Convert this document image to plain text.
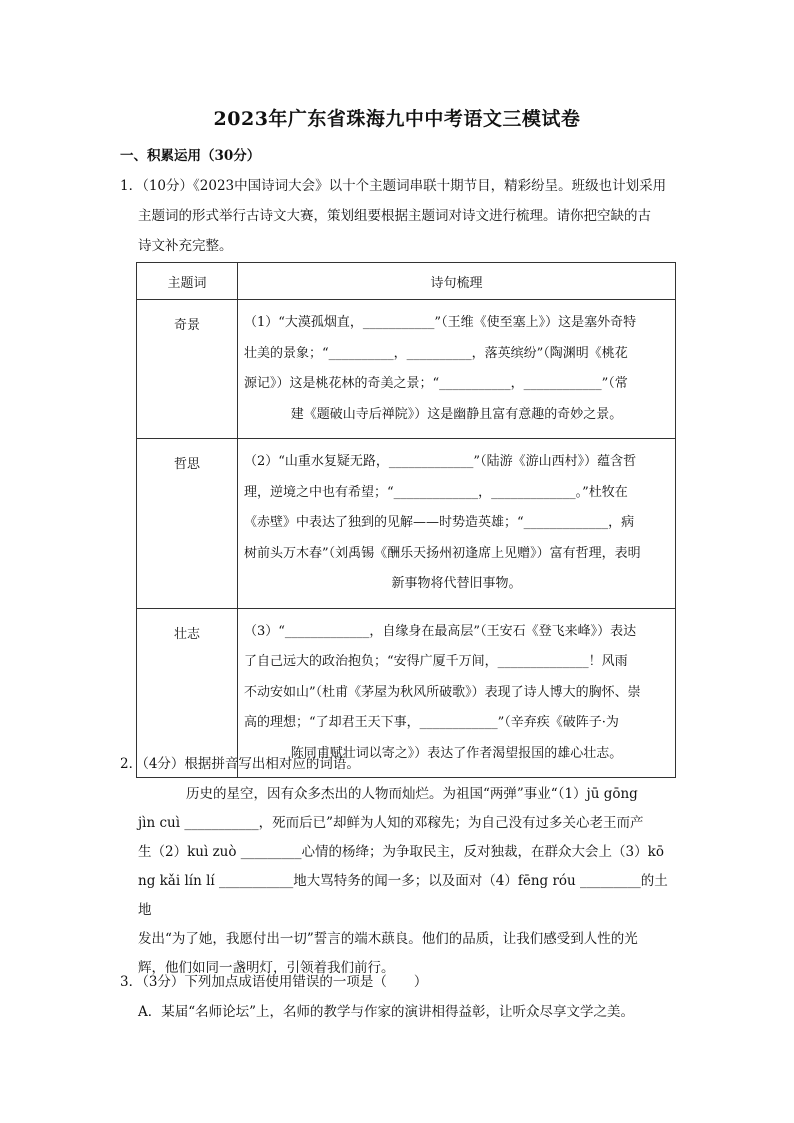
2023年广东省珠海九中中考语文三模试卷
一、积累运用（30分）
1．（10分）《2023中国诗词大会》以十个主题词串联十期节目，精彩纷呈。班级也计划采用
主题词的形式举行古诗文大赛，策划组要根据主题词对诗文进行梳理。请你把空缺的古
诗文补充完整。
主题词	诗句梳理
奇景	（1）“大漠孤烟直，___________”（王维《使至塞上》）这是塞外奇特
壮美的景象；“__________，__________，落英缤纷”（陶渊明《桃花
源记》）这是桃花林的奇美之景；“___________，____________”（常

建《题破山寺后禅院》）这是幽静且富有意趣的奇妙之景。

哲思	（2）“山重水复疑无路，_____________”（陆游《游山西村》）蕴含哲
理，逆境之中也有希望；“_____________，_____________。”杜牧在
《赤壁》中表达了独到的见解——时势造英雄；“_____________，病
树前头万木春”（刘禹锡《酬乐天扬州初逢席上见赠》）富有哲理，表明

新事物将代替旧事物。

壮志	（3）“_____________，自缘身在最高层”（王安石《登飞来峰》）表达
了自己远大的政治抱负；“安得广厦千万间，______________！风雨
不动安如山”（杜甫《茅屋为秋风所破歌》）表现了诗人博大的胸怀、崇
高的理想；“了却君王天下事，____________”（辛弃疾《破阵子·为

陈同甫赋壮词以寄之》）表达了作者渴望报国的雄心壮志。
2．（4分）根据拼音写出相对应的词语。
历史的星空，因有众多杰出的人物而灿烂。为祖国“两弹”事业“（1）jū gōng
jìn cuì ___________，死而后已”却鲜为人知的邓稼先；为自己没有过多关心老王而产
生（2）kuì zuò _________心情的杨绛；为争取民主，反对独裁，在群众大会上（3）kō
ng kǎi lín lí ___________地大骂特务的闻一多；以及面对（4）fēng róu _________的土地
发出“为了她，我愿付出一切”誓言的端木蕻良。他们的品质，让我们感受到人性的光
辉，他们如同一盏明灯，引领着我们前行。
3．（3分）下列加点成语使用错误的一项是（　　）
A．某届“名师论坛”上，名师的教学与作家的演讲相得益彰，让听众尽享文学之美。
